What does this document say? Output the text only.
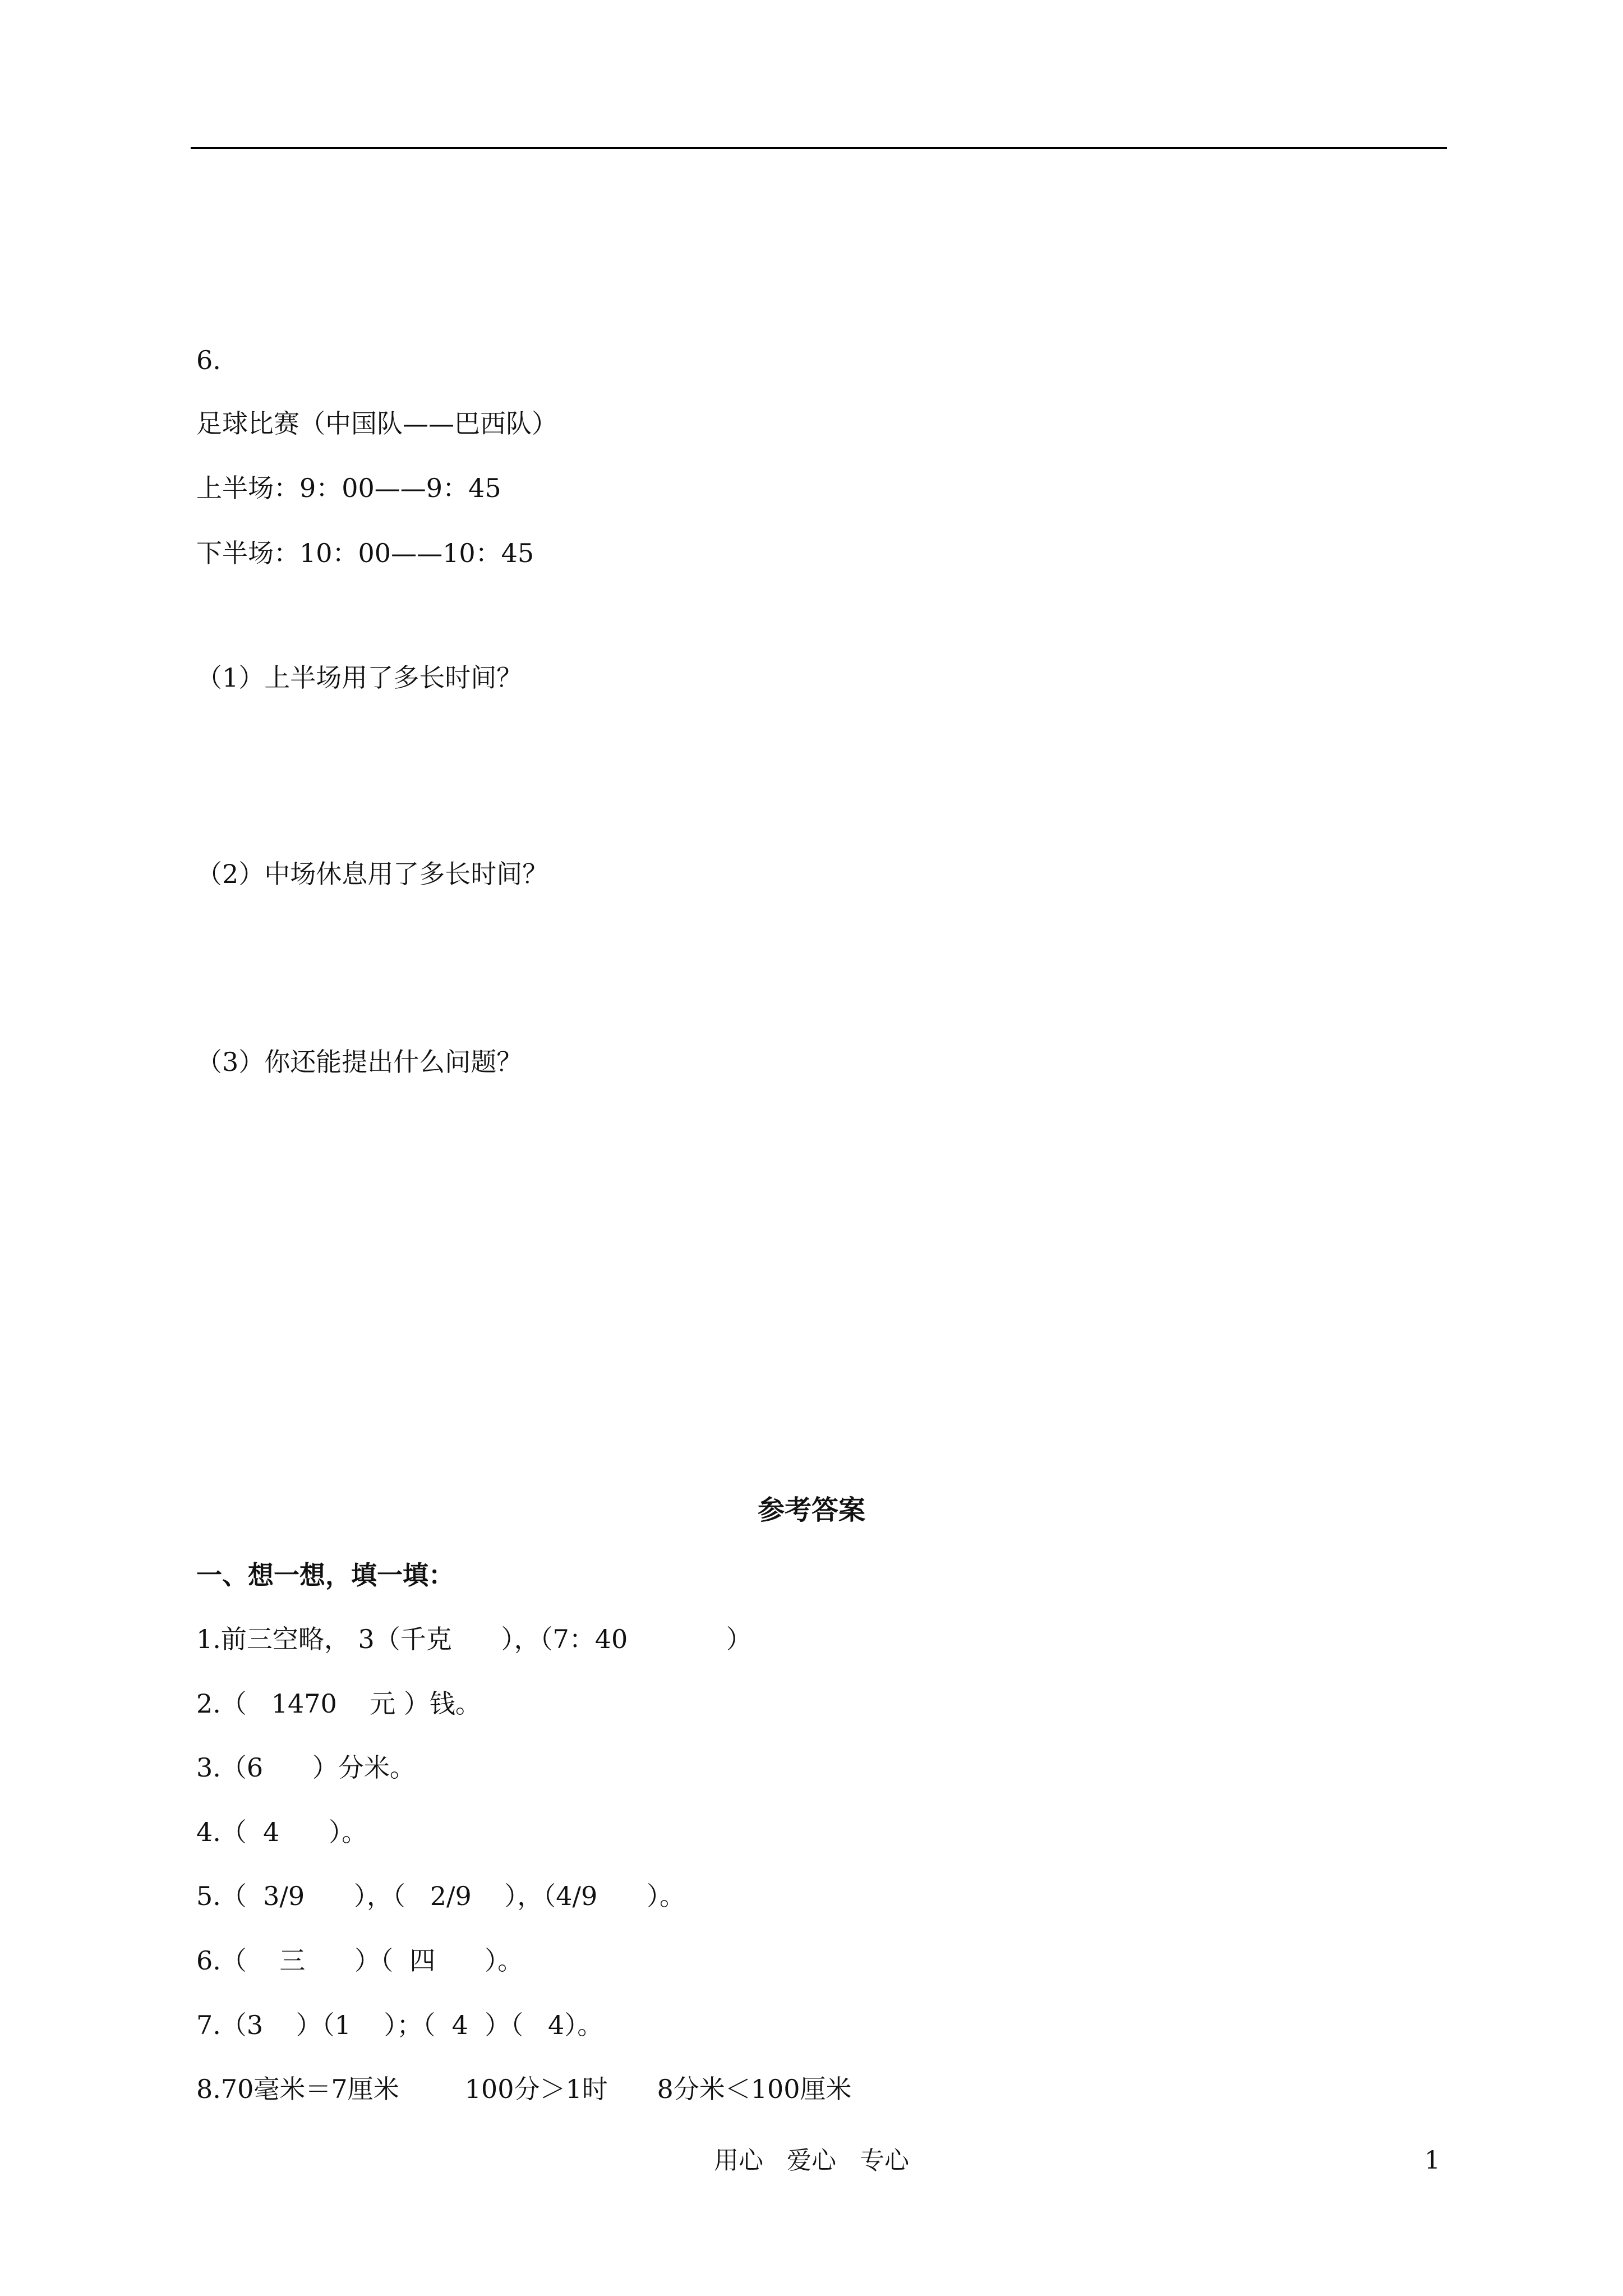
6.
足球比赛（中国队——巴西队）
上半场：9：00——9：45
下半场：10：00——10：45
（1）上半场用了多长时间？
（2）中场休息用了多长时间？
（3）你还能提出什么问题？
参考答案
一、想一想，填一填：
1.前三空略， 3（千克      ），（7：40            ）
2.（   1470    元 ）钱。
3.（6      ）分米。
4.（  4      ）。
5.（  3/9      ），（   2/9    ），（4/9      ）。
6.（    三      ）（  四      ）。
7.（3    ）（1    ）；（  4  ）（   4）。
8.70毫米＝7厘米        100分＞1时      8分米＜100厘米
用心   爱心   专心	1
